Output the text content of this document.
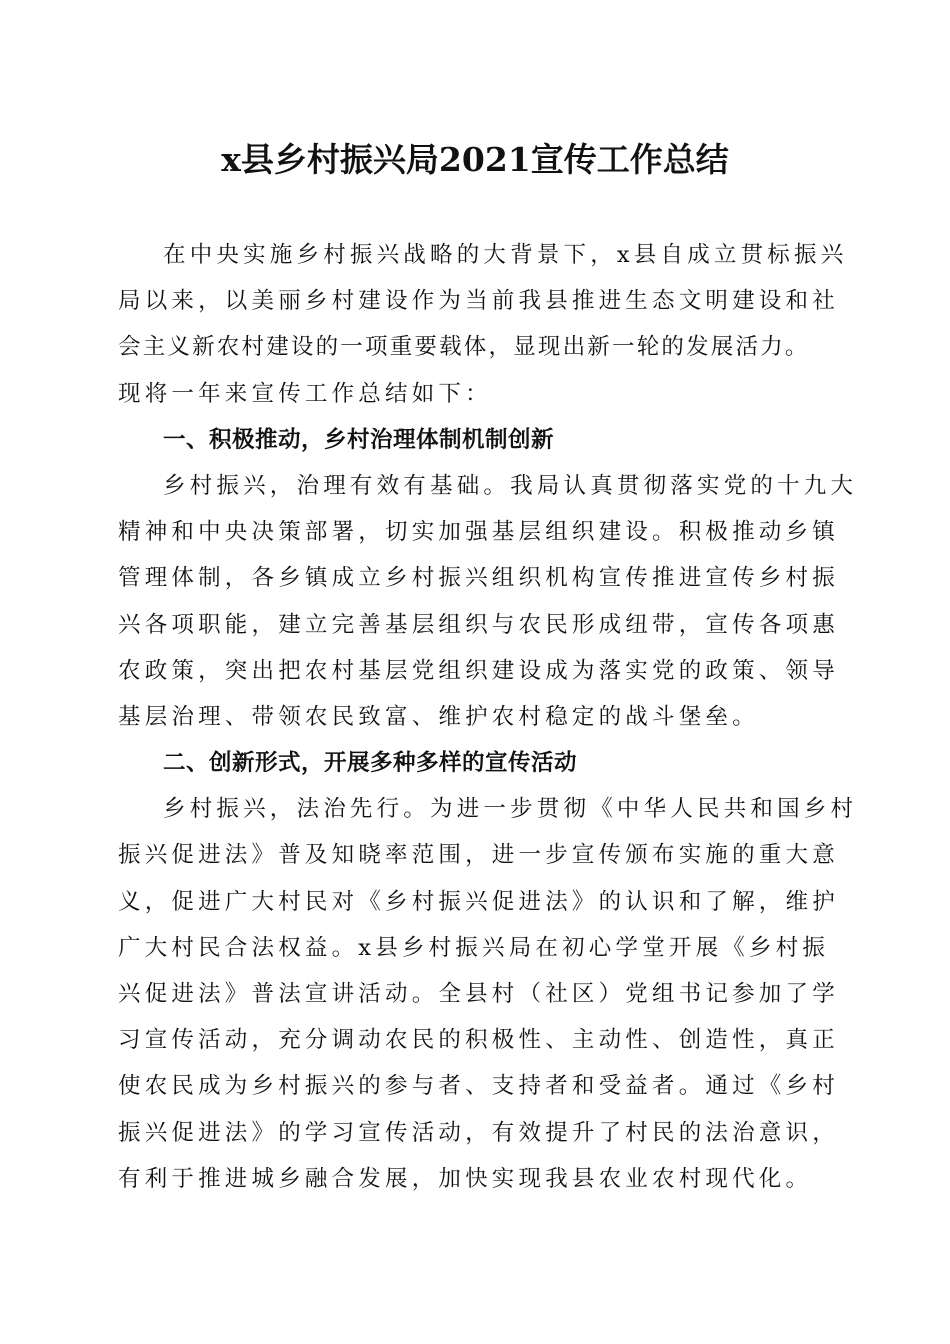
x县乡村振兴局2021宣传工作总结
在中央实施乡村振兴战略的大背景下，x县自成立贯标振兴
局以来，以美丽乡村建设作为当前我县推进生态文明建设和社
会主义新农村建设的一项重要载体，显现出新一轮的发展活力。
现将一年来宣传工作总结如下：
一、积极推动，乡村治理体制机制创新
乡村振兴，治理有效有基础。我局认真贯彻落实党的十九大
精神和中央决策部署，切实加强基层组织建设。积极推动乡镇
管理体制，各乡镇成立乡村振兴组织机构宣传推进宣传乡村振
兴各项职能，建立完善基层组织与农民形成纽带，宣传各项惠
农政策，突出把农村基层党组织建设成为落实党的政策、领导
基层治理、带领农民致富、维护农村稳定的战斗堡垒。
二、创新形式，开展多种多样的宣传活动
乡村振兴，法治先行。为进一步贯彻《中华人民共和国乡村
振兴促进法》普及知晓率范围，进一步宣传颁布实施的重大意
义，促进广大村民对《乡村振兴促进法》的认识和了解，维护
广大村民合法权益。x县乡村振兴局在初心学堂开展《乡村振
兴促进法》普法宣讲活动。全县村（社区）党组书记参加了学
习宣传活动，充分调动农民的积极性、主动性、创造性，真正
使农民成为乡村振兴的参与者、支持者和受益者。通过《乡村
振兴促进法》的学习宣传活动，有效提升了村民的法治意识，
有利于推进城乡融合发展，加快实现我县农业农村现代化。
